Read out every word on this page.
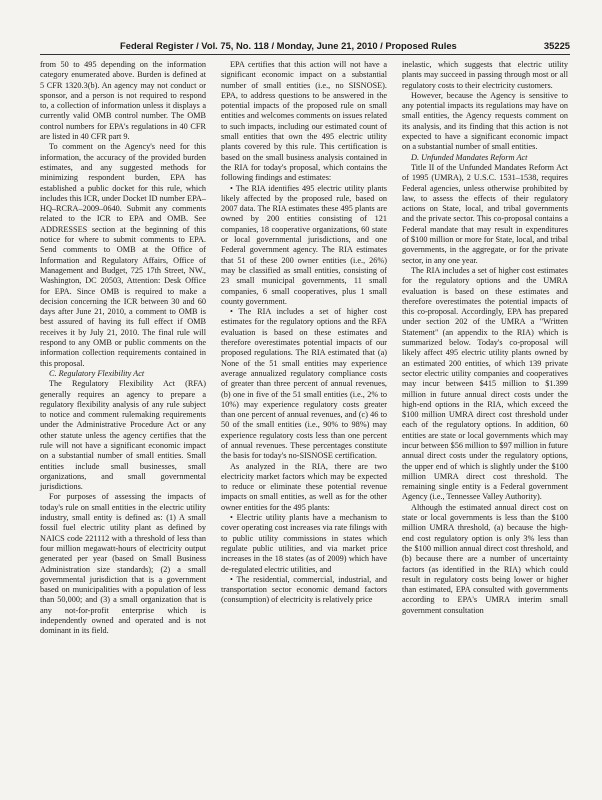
Federal Register / Vol. 75, No. 118 / Monday, June 21, 2010 / Proposed Rules	35225

from 50 to 495 depending on the information category enumerated above. Burden is defined at 5 CFR 1320.3(b). An agency may not conduct or sponsor, and a person is not required to respond to, a collection of information unless it displays a currently valid OMB control number. The OMB control numbers for EPA's regulations in 40 CFR are listed in 40 CFR part 9.

To comment on the Agency's need for this information, the accuracy of the provided burden estimates, and any suggested methods for minimizing respondent burden, EPA has established a public docket for this rule, which includes this ICR, under Docket ID number EPA–HQ–RCRA–2009–0640. Submit any comments related to the ICR to EPA and OMB. See ADDRESSES section at the beginning of this notice for where to submit comments to EPA. Send comments to OMB at the Office of Information and Regulatory Affairs, Office of Management and Budget, 725 17th Street, NW., Washington, DC 20503, Attention: Desk Office for EPA. Since OMB is required to make a decision concerning the ICR between 30 and 60 days after June 21, 2010, a comment to OMB is best assured of having its full effect if OMB receives it by July 21, 2010. The final rule will respond to any OMB or public comments on the information collection requirements contained in this proposal.

C. Regulatory Flexibility Act

The Regulatory Flexibility Act (RFA) generally requires an agency to prepare a regulatory flexibility analysis of any rule subject to notice and comment rulemaking requirements under the Administrative Procedure Act or any other statute unless the agency certifies that the rule will not have a significant economic impact on a substantial number of small entities. Small entities include small businesses, small organizations, and small governmental jurisdictions.

For purposes of assessing the impacts of today's rule on small entities in the electric utility industry, small entity is defined as: (1) A small fossil fuel electric utility plant as defined by NAICS code 221112 with a threshold of less than four million megawatt-hours of electricity output generated per year (based on Small Business Administration size standards); (2) a small governmental jurisdiction that is a government based on municipalities with a population of less than 50,000; and (3) a small organization that is any not-for-profit enterprise which is independently owned and operated and is not dominant in its field.

EPA certifies that this action will not have a significant economic impact on a substantial number of small entities (i.e., no SISNOSE). EPA, to address questions to be answered in the potential impacts of the proposed rule on small entities and welcomes comments on issues related to such impacts, including our estimated count of small entities that own the 495 electric utility plants covered by this rule. This certification is based on the small business analysis contained in the RIA for today's proposal, which contains the following findings and estimates:

• The RIA identifies 495 electric utility plants likely affected by the proposed rule, based on 2007 data. The RIA estimates these 495 plants are owned by 200 entities consisting of 121 companies, 18 cooperative organizations, 60 state or local governmental jurisdictions, and one Federal government agency. The RIA estimates that 51 of these 200 owner entities (i.e., 26%) may be classified as small entities, consisting of 23 small municipal governments, 11 small companies, 6 small cooperatives, plus 1 small county government.

• The RIA includes a set of higher cost estimates for the regulatory options and the RFA evaluation is based on these estimates and therefore overestimates potential impacts of our proposed regulations. The RIA estimated that (a) None of the 51 small entities may experience average annualized regulatory compliance costs of greater than three percent of annual revenues, (b) one in five of the 51 small entities (i.e., 2% to 10%) may experience regulatory costs greater than one percent of annual revenues, and (c) 46 to 50 of the small entities (i.e., 90% to 98%) may experience regulatory costs less than one percent of annual revenues. These percentages constitute the basis for today's no-SISNOSE certification.

As analyzed in the RIA, there are two electricity market factors which may be expected to reduce or eliminate these potential revenue impacts on small entities, as well as for the other owner entities for the 495 plants:

• Electric utility plants have a mechanism to cover operating cost increases via rate filings with to public utility commissions in states which regulate public utilities, and via market price increases in the 18 states (as of 2009) which have de-regulated electric utilities, and

• The residential, commercial, industrial, and transportation sector economic demand factors (consumption) of electricity is relatively price

inelastic, which suggests that electric utility plants may succeed in passing through most or all regulatory costs to their electricity customers.

However, because the Agency is sensitive to any potential impacts its regulations may have on small entities, the Agency requests comment on its analysis, and its finding that this action is not expected to have a significant economic impact on a substantial number of small entities.

D. Unfunded Mandates Reform Act

Title II of the Unfunded Mandates Reform Act of 1995 (UMRA), 2 U.S.C. 1531–1538, requires Federal agencies, unless otherwise prohibited by law, to assess the effects of their regulatory actions on State, local, and tribal governments and the private sector. This co-proposal contains a Federal mandate that may result in expenditures of $100 million or more for State, local, and tribal governments, in the aggregate, or for the private sector, in any one year.

The RIA includes a set of higher cost estimates for the regulatory options and the UMRA evaluation is based on these estimates and therefore overestimates the potential impacts of this co-proposal. Accordingly, EPA has prepared under section 202 of the UMRA a "Written Statement" (an appendix to the RIA) which is summarized below. Today's co-proposal will likely affect 495 electric utility plants owned by an estimated 200 entities, of which 139 private sector electric utility companies and cooperatives may incur between $415 million to $1.399 million in future annual direct costs under the high-end options in the RIA, which exceed the $100 million UMRA direct cost threshold under each of the regulatory options. In addition, 60 entities are state or local governments which may incur between $56 million to $97 million in future annual direct costs under the regulatory options, the upper end of which is slightly under the $100 million UMRA direct cost threshold. The remaining single entity is a Federal government Agency (i.e., Tennessee Valley Authority).

Although the estimated annual direct cost on state or local governments is less than the $100 million UMRA threshold, (a) because the high-end cost regulatory option is only 3% less than the $100 million annual direct cost threshold, and (b) because there are a number of uncertainty factors (as identified in the RIA) which could result in regulatory costs being lower or higher than estimated, EPA consulted with governments according to EPA's UMRA interim small government consultation
